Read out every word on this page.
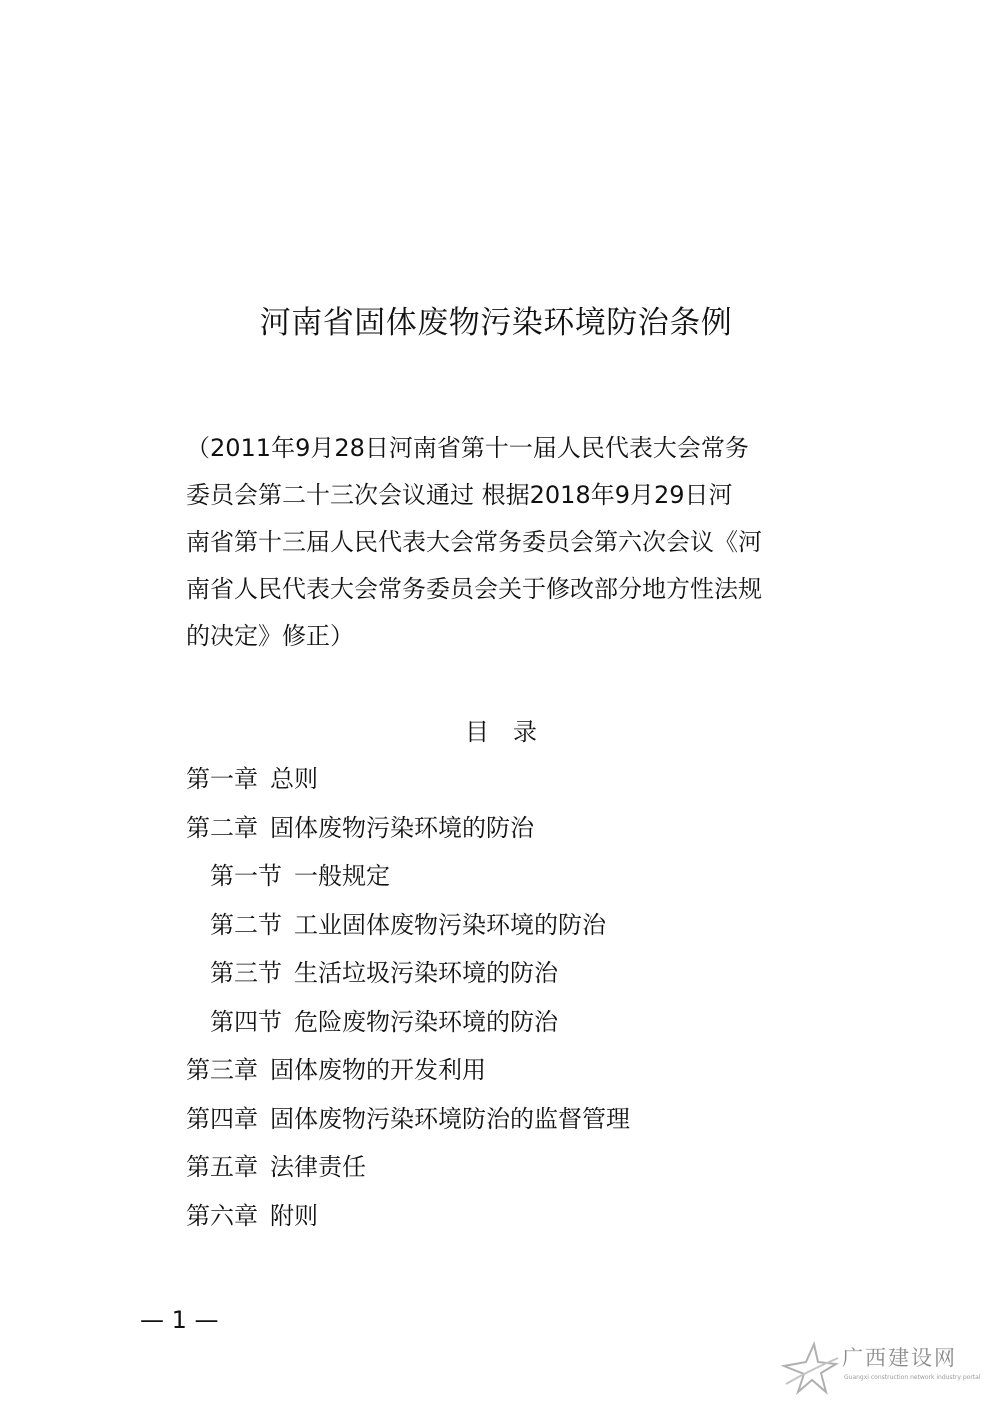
河南省固体废物污染环境防治条例
（2011年9月28日河南省第十一届人民代表大会常务
委员会第二十三次会议通过 根据2018年9月29日河
南省第十三届人民代表大会常务委员会第六次会议《河
南省人民代表大会常务委员会关于修改部分地方性法规
的决定》修正）
目　录
第一章 总则
第二章 固体废物污染环境的防治
第一节 一般规定
第二节 工业固体废物污染环境的防治
第三节 生活垃圾污染环境的防治
第四节 危险废物污染环境的防治
第三章 固体废物的开发利用
第四章 固体废物污染环境防治的监督管理
第五章 法律责任
第六章 附则
— 1 —
广西建设网
Guangxi construction network industry portal
